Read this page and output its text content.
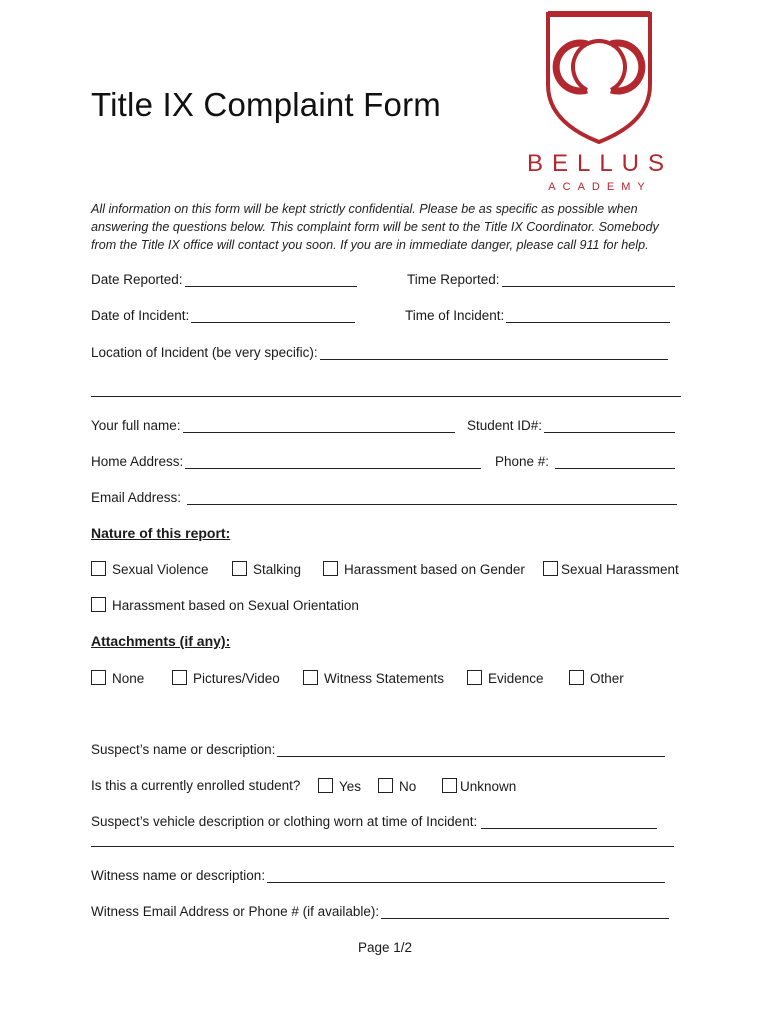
Title IX Complaint Form
BELLUS
ACADEMY
All information on this form will be kept strictly confidential. Please be as specific as possible when answering the questions below. This complaint form will be sent to the Title IX Coordinator. Somebody from the Title IX office will contact you soon. If you are in immediate danger, please call 911 for help.
Date Reported:	Time Reported:
Date of Incident:	Time of Incident:
Location of Incident (be very specific):
Your full name:	Student ID#:
Home Address:	Phone #:
Email Address:
Nature of this report:
Sexual Violence	Stalking	Harassment based on Gender	Sexual Harassment
Harassment based on Sexual Orientation
Attachments (if any):
None	Pictures/Video	Witness Statements	Evidence	Other
Suspect’s name or description:
Is this a currently enrolled student?	Yes	No	Unknown
Suspect’s vehicle description or clothing worn at time of Incident:
Witness name or description:
Witness Email Address or Phone # (if available):
Page 1/2
